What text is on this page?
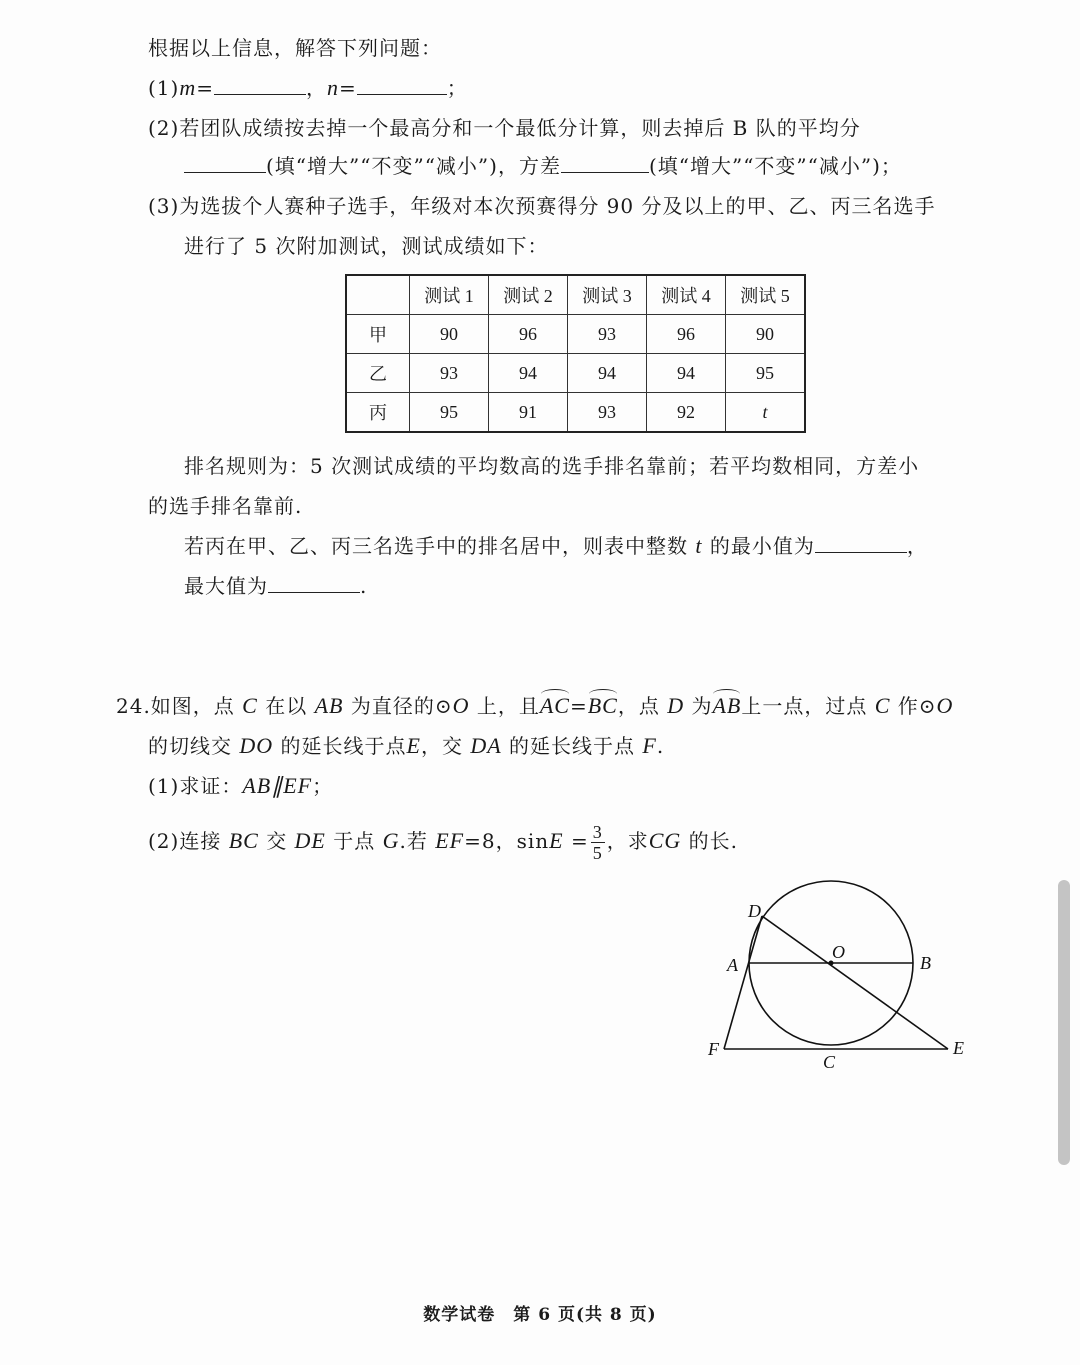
根据以上信息，解答下列问题：
(1)m=	，n=	；
(2)若团队成绩按去掉一个最高分和一个最低分计算，则去掉后 B 队的平均分
(填“增大”“不变”“减小”)，方差	(填“增大”“不变”“减小”)；
(3)为选拔个人赛种子选手，年级对本次预赛得分 90 分及以上的甲、乙、丙三名选手
进行了 5 次附加测试，测试成绩如下：
	测试 1	测试 2	测试 3	测试 4	测试 5
甲	90	96	93	96	90
乙	93	94	94	94	95
丙	95	91	93	92	t
排名规则为：5 次测试成绩的平均数高的选手排名靠前；若平均数相同，方差小
的选手排名靠前.
若丙在甲、乙、丙三名选手中的排名居中，则表中整数 t 的最小值为	，
最大值为	.
24.如图，点 C 在以 AB 为直径的⊙O 上，且AC=BC，点 D 为AB上一点，过点 C 作⊙O
的切线交 DO 的延长线于点E，交 DA 的延长线于点 F.
(1)求证：AB∥EF；
(2)连接 BC 交 DE 于点 G.若 EF=8，$\sin E = \frac{3}{5}$ ，求CG 的长.
D
O
A	B
F
C
E
数学试卷　第 6 页(共 8 页)
